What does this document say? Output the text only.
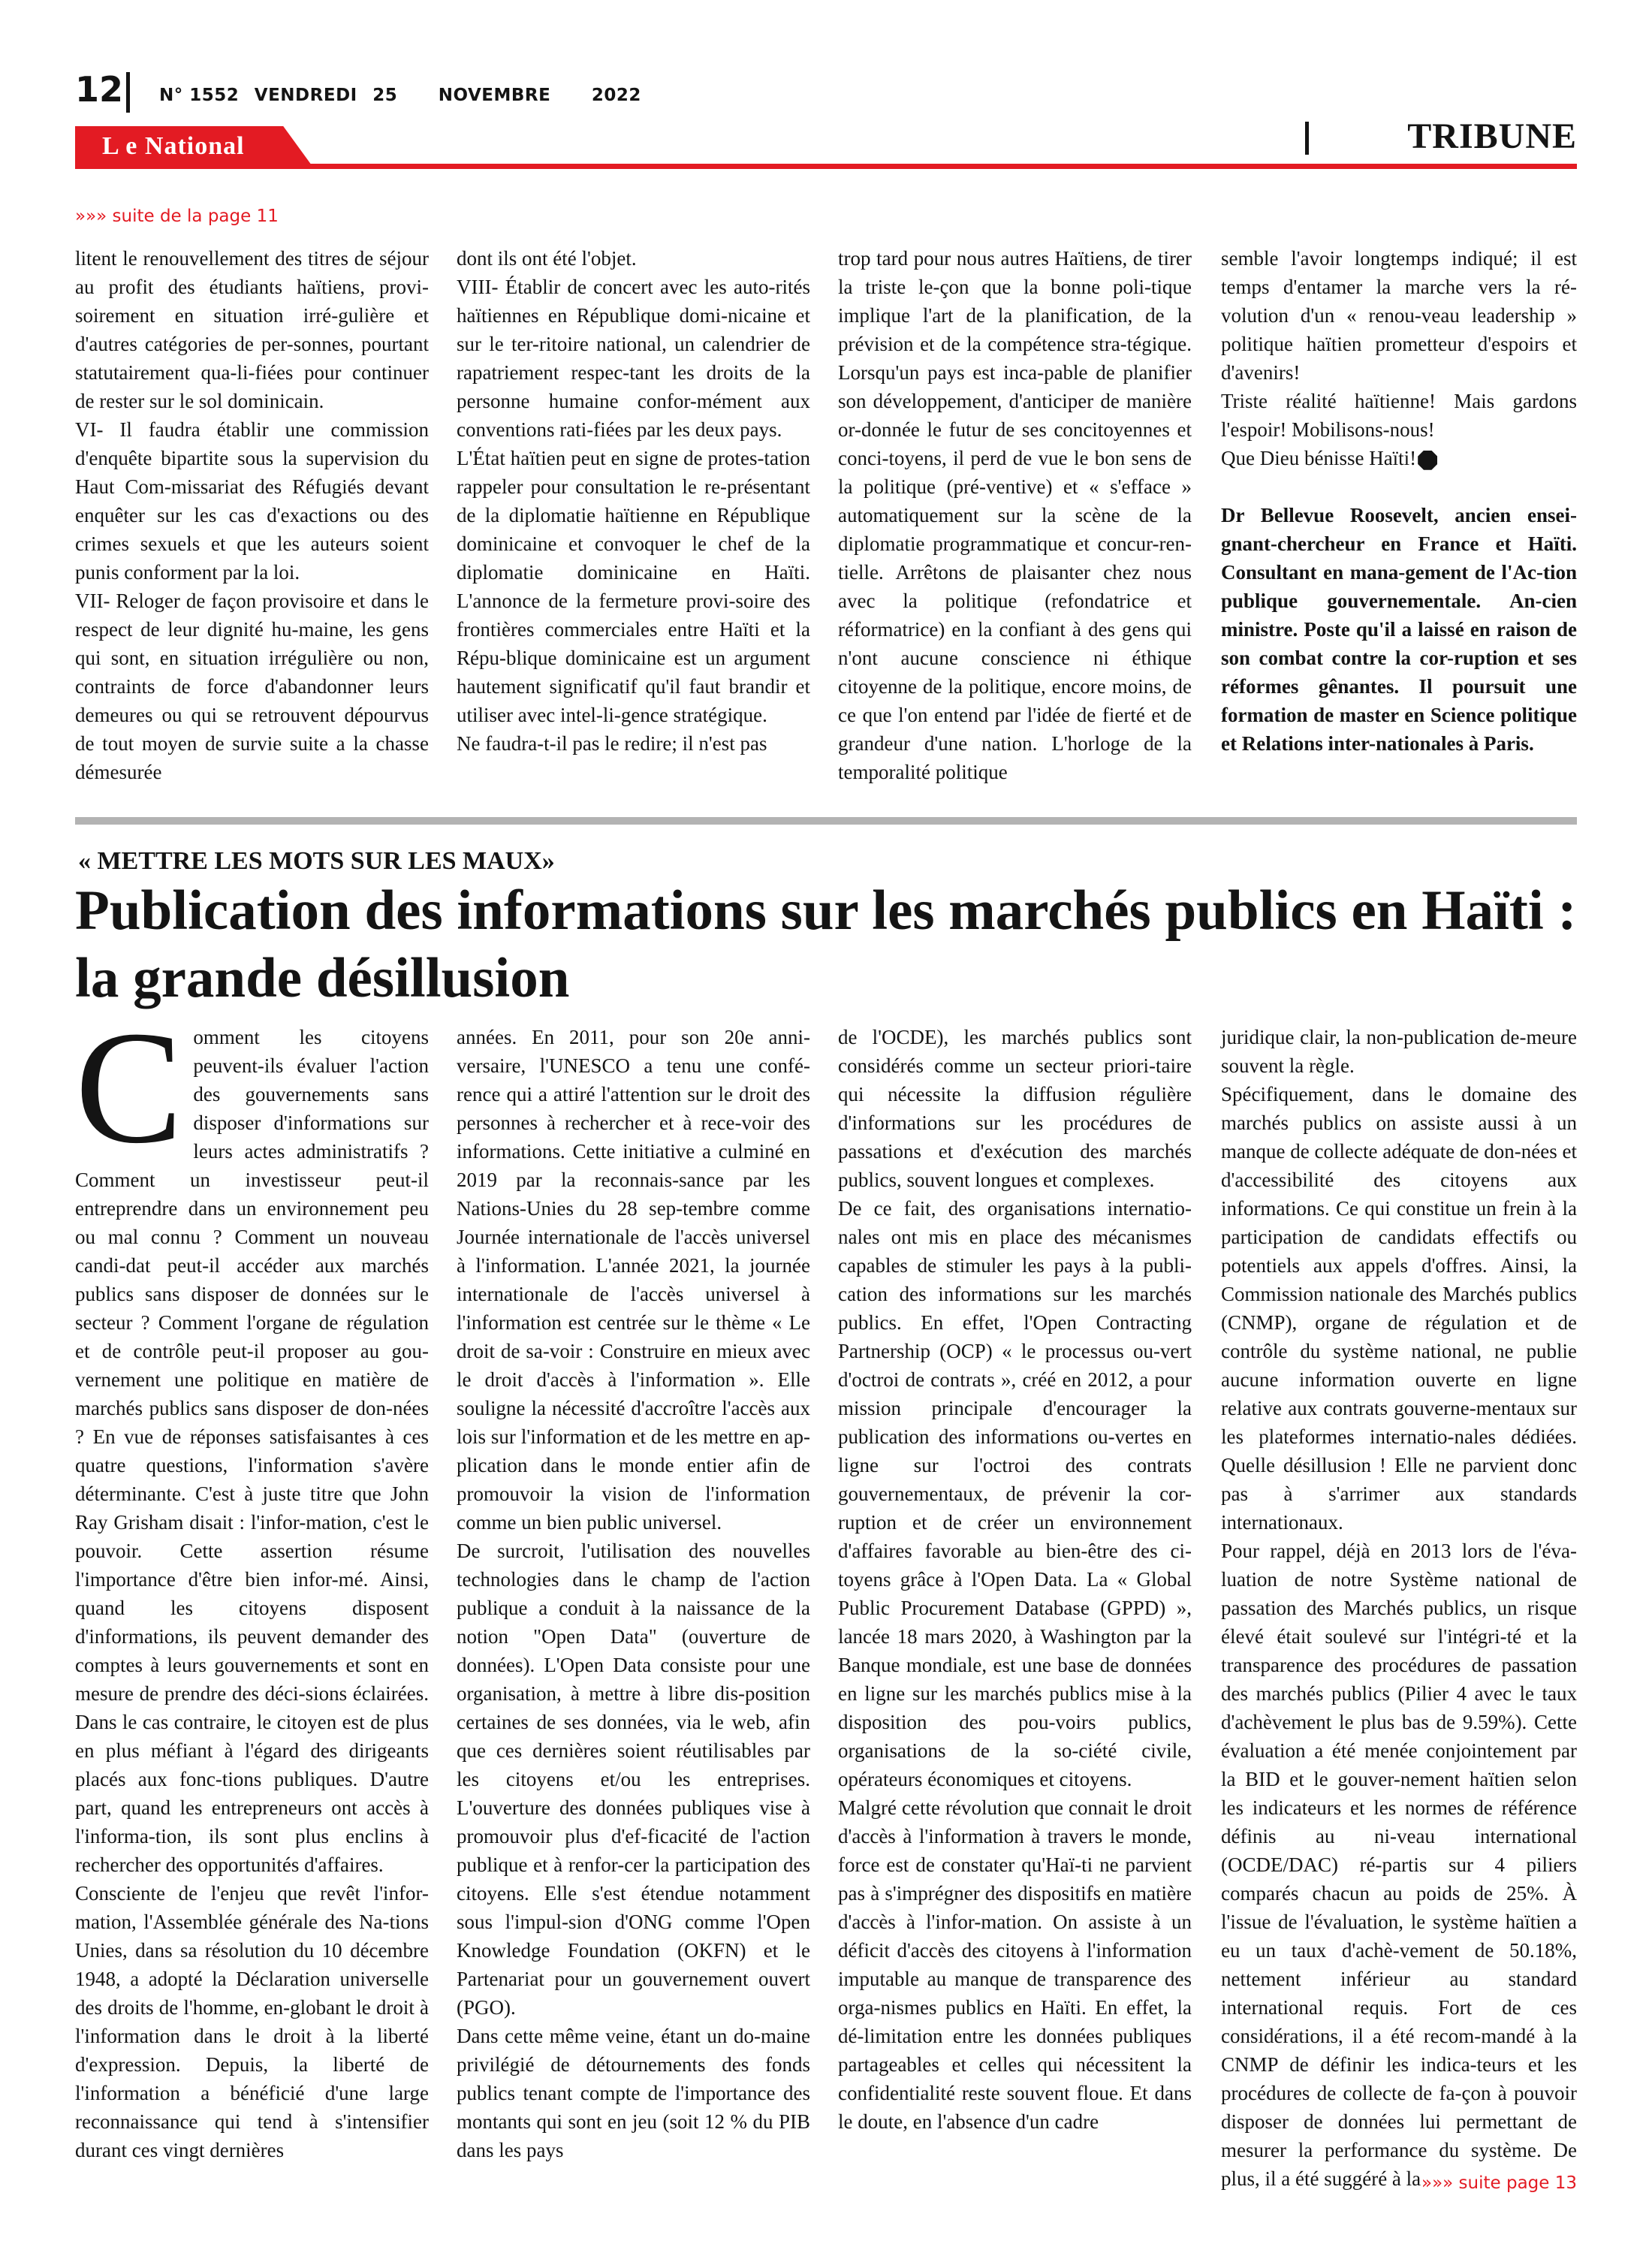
12 N° 1552 VENDREDI 25 NOVEMBRE 2022
L e National	TRIBUNE
»»» suite de la page 11

litent le renouvellement des titres de séjour au profit des étudiants haïtiens, provi-soirement en situation irré-gulière et d'autres catégories de per-sonnes, pourtant statutairement qua-li-fiées pour continuer de rester sur le sol dominicain.

VI- Il faudra établir une commission d'enquête bipartite sous la supervision du Haut Com-missariat des Réfugiés devant enquêter sur les cas d'exactions ou des crimes sexuels et que les auteurs soient punis conforment par la loi.

VII- Reloger de façon provisoire et dans le respect de leur dignité hu-maine, les gens qui sont, en situation irrégulière ou non, contraints de force d'abandonner leurs demeures ou qui se retrouvent dépourvus de tout moyen de survie suite a la chasse démesurée

dont ils ont été l'objet.

VIII- Établir de concert avec les auto-rités haïtiennes en République domi-nicaine et sur le ter-ritoire national, un calendrier de rapatriement respec-tant les droits de la personne humaine confor-mément aux conventions rati-fiées par les deux pays.

L'État haïtien peut en signe de protes-tation rappeler pour consultation le re-présentant de la diplomatie haïtienne en République dominicaine et convoquer le chef de la diplomatie dominicaine en Haïti. L'annonce de la fermeture provi-soire des frontières commerciales entre Haïti et la Répu-blique dominicaine est un argument hautement significatif qu'il faut brandir et utiliser avec intel-li-gence stratégique.

Ne faudra-t-il pas le redire; il n'est pas

trop tard pour nous autres Haïtiens, de tirer la triste le-çon que la bonne poli-tique implique l'art de la planification, de la prévision et de la compétence stra-tégique. Lorsqu'un pays est inca-pable de planifier son développement, d'anticiper de manière or-donnée le futur de ses concitoyennes et conci-toyens, il perd de vue le bon sens de la politique (pré-ventive) et « s'efface » automatiquement sur la scène de la diplomatie programmatique et concur-ren-tielle. Arrêtons de plaisanter chez nous avec la politique (refondatrice et réformatrice) en la confiant à des gens qui n'ont aucune conscience ni éthique citoyenne de la politique, encore moins, de ce que l'on entend par l'idée de fierté et de grandeur d'une nation. L'horloge de la temporalité politique

semble l'avoir longtemps indiqué; il est temps d'entamer la marche vers la ré-volution d'un « renou-veau leadership » politique haïtien prometteur d'espoirs et d'avenirs!

Triste réalité haïtienne! Mais gardons l'espoir! Mobilisons-nous!

Que Dieu bénisse Haïti!

Dr Bellevue Roosevelt, ancien ensei-gnant-chercheur en France et Haïti. Consultant en mana-gement de l'Ac-tion publique gouvernementale. An-cien ministre. Poste qu'il a laissé en raison de son combat contre la cor-ruption et ses réformes gênantes. Il poursuit une formation de master en Science politique et Relations inter-nationales à Paris.

« METTRE LES MOTS SUR LES MAUX»
Publication des informations sur les marchés publics en Haïti : la grande désillusion

Comment les citoyens peuvent-ils évaluer l'action des gouvernements sans disposer d'informations sur leurs actes administratifs ? Comment un investisseur peut-il entreprendre dans un environnement peu ou mal connu ? Comment un nouveau candi-dat peut-il accéder aux marchés publics sans disposer de données sur le secteur ? Comment l'organe de régulation et de contrôle peut-il proposer au gou-vernement une politique en matière de marchés publics sans disposer de don-nées ? En vue de réponses satisfaisantes à ces quatre questions, l'information s'avère déterminante. C'est à juste titre que John Ray Grisham disait : l'infor-mation, c'est le pouvoir. Cette assertion résume l'importance d'être bien infor-mé. Ainsi, quand les citoyens disposent d'informations, ils peuvent demander des comptes à leurs gouvernements et sont en mesure de prendre des déci-sions éclairées. Dans le cas contraire, le citoyen est de plus en plus méfiant à l'égard des dirigeants placés aux fonc-tions publiques. D'autre part, quand les entrepreneurs ont accès à l'informa-tion, ils sont plus enclins à rechercher des opportunités d'affaires.

Consciente de l'enjeu que revêt l'infor-mation, l'Assemblée générale des Na-tions Unies, dans sa résolution du 10 décembre 1948, a adopté la Déclaration universelle des droits de l'homme, en-globant le droit à l'information dans le droit à la liberté d'expression. Depuis, la liberté de l'information a bénéficié d'une large reconnaissance qui tend à s'intensifier durant ces vingt dernières

années. En 2011, pour son 20e anni-versaire, l'UNESCO a tenu une confé-rence qui a attiré l'attention sur le droit des personnes à rechercher et à rece-voir des informations. Cette initiative a culminé en 2019 par la reconnais-sance par les Nations-Unies du 28 sep-tembre comme Journée internationale de l'accès universel à l'information. L'année 2021, la journée internationale de l'accès universel à l'information est centrée sur le thème « Le droit de sa-voir : Construire en mieux avec le droit d'accès à l'information ». Elle souligne la nécessité d'accroître l'accès aux lois sur l'information et de les mettre en ap-plication dans le monde entier afin de promouvoir la vision de l'information comme un bien public universel.

De surcroit, l'utilisation des nouvelles technologies dans le champ de l'action publique a conduit à la naissance de la notion "Open Data" (ouverture de données). L'Open Data consiste pour une organisation, à mettre à libre dis-position certaines de ses données, via le web, afin que ces dernières soient réutilisables par les citoyens et/ou les entreprises. L'ouverture des données publiques vise à promouvoir plus d'ef-ficacité de l'action publique et à renfor-cer la participation des citoyens. Elle s'est étendue notamment sous l'impul-sion d'ONG comme l'Open Knowledge Foundation (OKFN) et le Partenariat pour un gouvernement ouvert (PGO).

Dans cette même veine, étant un do-maine privilégié de détournements des fonds publics tenant compte de l'importance des montants qui sont en jeu (soit 12 % du PIB dans les pays

de l'OCDE), les marchés publics sont considérés comme un secteur priori-taire qui nécessite la diffusion régulière d'informations sur les procédures de passations et d'exécution des marchés publics, souvent longues et complexes.

De ce fait, des organisations internatio-nales ont mis en place des mécanismes capables de stimuler les pays à la publi-cation des informations sur les marchés publics. En effet, l'Open Contracting Partnership (OCP) « le processus ou-vert d'octroi de contrats », créé en 2012, a pour mission principale d'encourager la publication des informations ou-vertes en ligne sur l'octroi des contrats gouvernementaux, de prévenir la cor-ruption et de créer un environnement d'affaires favorable au bien-être des ci-toyens grâce à l'Open Data. La « Global Public Procurement Database (GPPD) », lancée 18 mars 2020, à Washington par la Banque mondiale, est une base de données en ligne sur les marchés publics mise à la disposition des pou-voirs publics, organisations de la so-ciété civile, opérateurs économiques et citoyens.

Malgré cette révolution que connait le droit d'accès à l'information à travers le monde, force est de constater qu'Haï-ti ne parvient pas à s'imprégner des dispositifs en matière d'accès à l'infor-mation. On assiste à un déficit d'accès des citoyens à l'information imputable au manque de transparence des orga-nismes publics en Haïti. En effet, la dé-limitation entre les données publiques partageables et celles qui nécessitent la confidentialité reste souvent floue. Et dans le doute, en l'absence d'un cadre

juridique clair, la non-publication de-meure souvent la règle.

Spécifiquement, dans le domaine des marchés publics on assiste aussi à un manque de collecte adéquate de don-nées et d'accessibilité des citoyens aux informations. Ce qui constitue un frein à la participation de candidats effectifs ou potentiels aux appels d'offres. Ainsi, la Commission nationale des Marchés publics (CNMP), organe de régulation et de contrôle du système national, ne publie aucune information ouverte en ligne relative aux contrats gouverne-mentaux sur les plateformes internatio-nales dédiées. Quelle désillusion ! Elle ne parvient donc pas à s'arrimer aux standards internationaux.

Pour rappel, déjà en 2013 lors de l'éva-luation de notre Système national de passation des Marchés publics, un risque élevé était soulevé sur l'intégri-té et la transparence des procédures de passation des marchés publics (Pilier 4 avec le taux d'achèvement le plus bas de 9.59%). Cette évaluation a été menée conjointement par la BID et le gouver-nement haïtien selon les indicateurs et les normes de référence définis au ni-veau international (OCDE/DAC) ré-partis sur 4 piliers comparés chacun au poids de 25%. À l'issue de l'évaluation, le système haïtien a eu un taux d'achè-vement de 50.18%, nettement inférieur au standard international requis. Fort de ces considérations, il a été recom-mandé à la CNMP de définir les indica-teurs et les procédures de collecte de fa-çon à pouvoir disposer de données lui permettant de mesurer la performance du système. De plus, il a été suggéré à la »»» suite page 13
